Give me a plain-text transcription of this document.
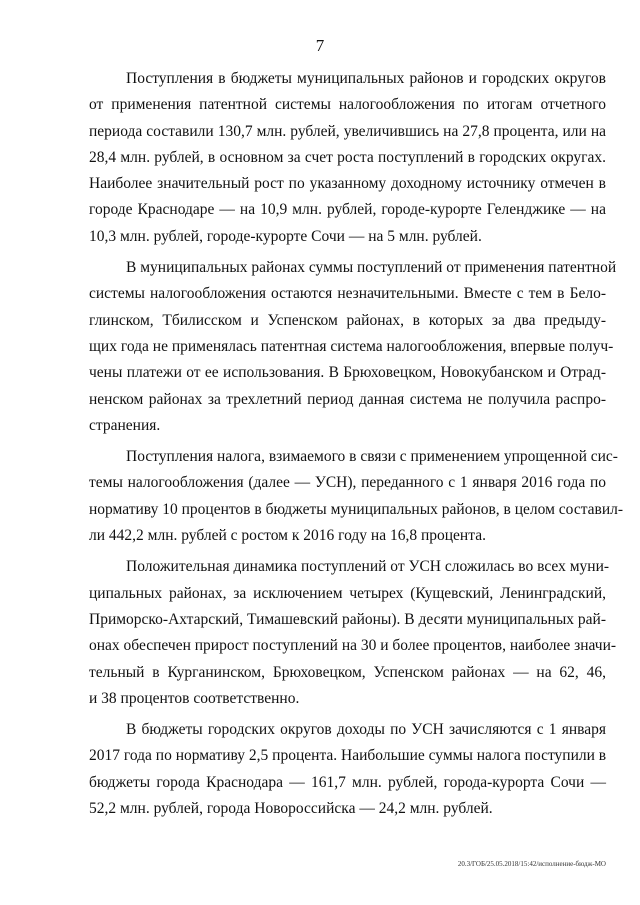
7

Поступления в бюджеты муниципальных районов и городских округов
от применения патентной системы налогообложения по итогам отчетного
периода составили 130,7 млн. рублей, увеличившись на 27,8 процента, или на
28,4 млн. рублей, в основном за счет роста поступлений в городских округах.
Наиболее значительный рост по указанному доходному источнику отмечен в
городе Краснодаре — на 10,9 млн. рублей, городе-курорте Геленджике — на
10,3 млн. рублей, городе-курорте Сочи — на 5 млн. рублей.

В муниципальных районах суммы поступлений от применения патентной
системы налогообложения остаются незначительными. Вместе с тем в Бело-
глинском, Тбилисском и Успенском районах, в которых за два предыду-
щих года не применялась патентная система налогообложения, впервые получ-
чены платежи от ее использования. В Брюховецком, Новокубанском и Отрад-
ненском районах за трехлетний период данная система не получила распро-
странения.

Поступления налога, взимаемого в связи с применением упрощенной сис-
темы налогообложения (далее — УСН), переданного с 1 января 2016 года по
нормативу 10 процентов в бюджеты муниципальных районов, в целом составил-
ли 442,2 млн. рублей с ростом к 2016 году на 16,8 процента.

Положительная динамика поступлений от УСН сложилась во всех муни-
ципальных районах, за исключением четырех (Кущевский, Ленинградский,
Приморско-Ахтарский, Тимашевский районы). В десяти муниципальных рай-
онах обеспечен прирост поступлений на 30 и более процентов, наиболее значи-
тельный в Курганинском, Брюховецком, Успенском районах — на 62, 46,
и 38 процентов соответственно.

В бюджеты городских округов доходы по УСН зачисляются с 1 января
2017 года по нормативу 2,5 процента. Наибольшие суммы налога поступили в
бюджеты города Краснодара — 161,7 млн. рублей, города-курорта Сочи —
52,2 млн. рублей, города Новороссийска — 24,2 млн. рублей.

20.3/ГОБ/25.05.2018/15:42/исполнение-бюдж-МО
